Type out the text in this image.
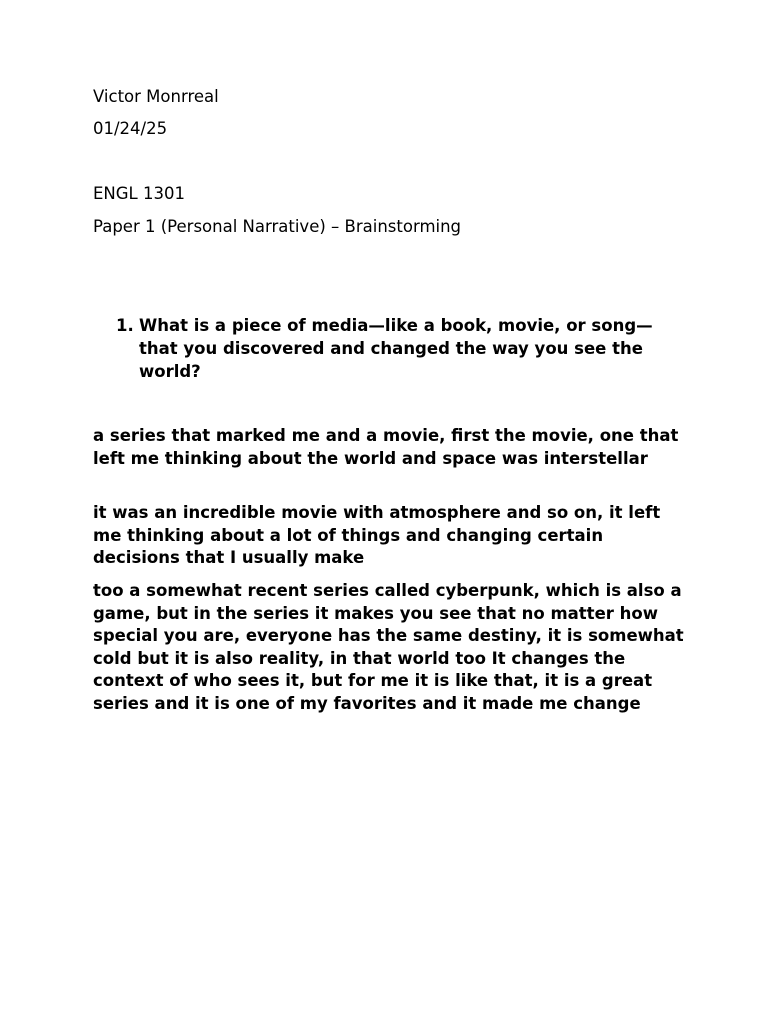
Victor Monrreal
01/24/25
ENGL 1301
Paper 1 (Personal Narrative) – Brainstorming
1. What is a piece of media—like a book, movie, or song—that you discovered and changed the way you see the world?

a series that marked me and a movie, first the movie, one that left me thinking about the world and space was interstellar

it was an incredible movie with atmosphere and so on, it left me thinking about a lot of things and changing certain decisions that I usually make

too a somewhat recent series called cyberpunk, which is also a game, but in the series it makes you see that no matter how special you are, everyone has the same destiny, it is somewhat cold but it is also reality, in that world too It changes the context of who sees it, but for me it is like that, it is a great series and it is one of my favorites and it made me change
